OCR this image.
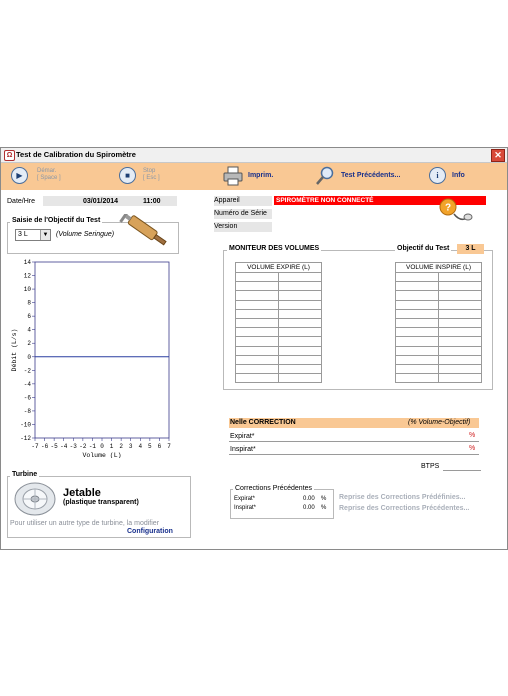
Ω Test de Calibration du Spiromètre	✕
▶	Démar.
[ Space ]	■	Stop
[ Esc ]	Imprim.	Test Précédents...	i	Info
Date/Hre	03/01/2014	11:00
Saisie de l'Objectif du Test
3 L	▼ (Volume Seringue)
14
12
10
8
6
4
2
0
-2
-4
-6
-8
-10
-12
-7 -6 -5 -4 -3 -2 -1 0 1 2 3 4 5 6 7
Volume (L)
Débit (L/s)
Appareil	SPIROMÈTRE NON CONNECTÉ
Numéro de Série
Version
?
MONITEUR DES VOLUMES	Objectif du Test	3 L
VOLUME EXPIRE (L)	

		VOLUME INSPIRE (L)	

Nelle CORRECTION	(% Volume-Objectif)
Expirat*	%
Inspirat*	%
BTPS
Corrections Précédentes
Expirat*	0.00 %
Inspirat*	0.00 %
Reprise des Corrections Prédéfinies...
Reprise des Corrections Précédentes...
Turbine
Jetable
(plastique transparent)
Pour utiliser un autre type de turbine, la modifier
Configuration
